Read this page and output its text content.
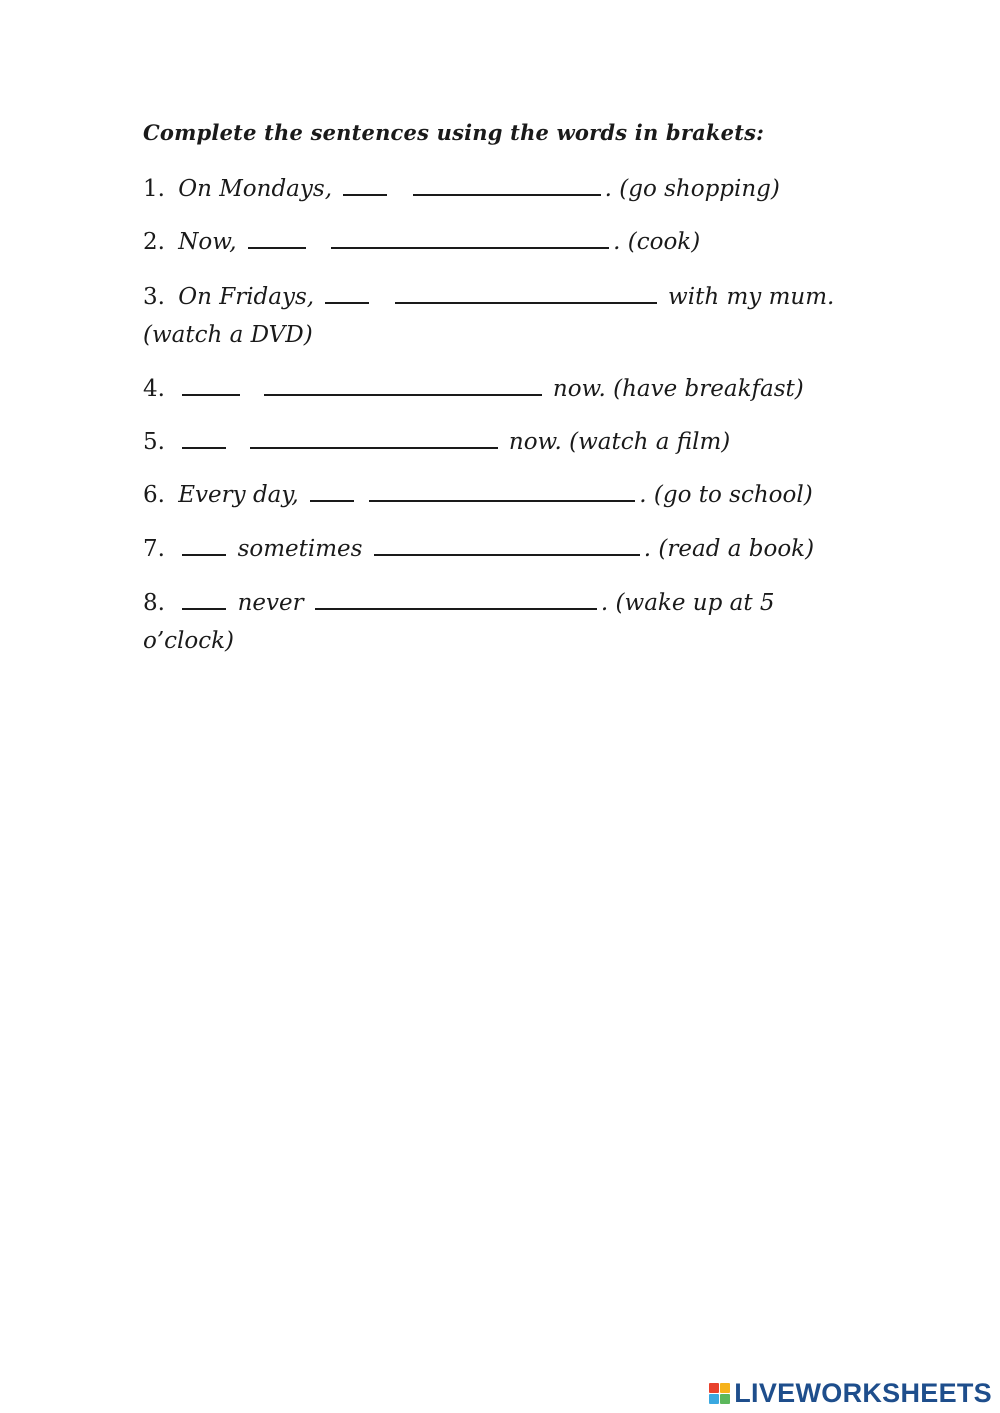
Complete the sentences using the words in brakets:
1. On Mondays,	. (go shopping)
2. Now,	. (cook)
3. On Fridays,	with my mum. (watch a DVD)
4.	now. (have breakfast)
5.	now. (watch a film)
6. Every day,	. (go to school)
7.	sometimes	. (read a book)
8.	never	. (wake up at 5 o’clock)
LIVEWORKSHEETS
